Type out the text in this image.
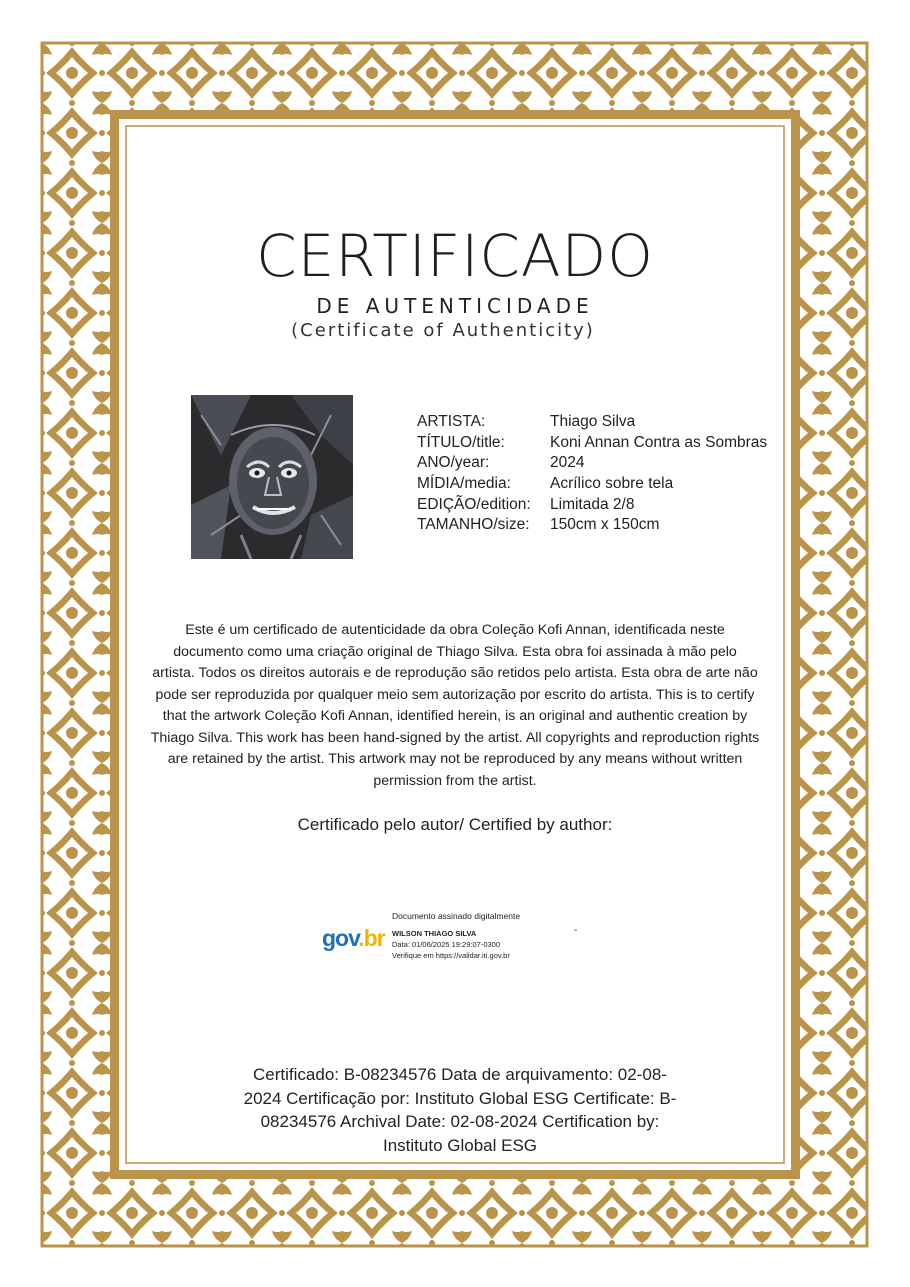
CERTIFICADO
DE AUTENTICIDADE
(Certificate of Authenticity)
ARTISTA:	Thiago Silva
TÍTULO/title:	Koni Annan Contra as Sombras
ANO/year:	2024
MÍDIA/media:	Acrílico sobre tela
EDIÇÃO/edition:	Limitada 2/8
TAMANHO/size:	150cm x 150cm
Este é um certificado de autenticidade da obra Coleção Kofi Annan, identificada neste documento como uma criação original de Thiago Silva. Esta obra foi assinada à mão pelo artista. Todos os direitos autorais e de reprodução são retidos pelo artista. Esta obra de arte não pode ser reproduzida por qualquer meio sem autorização por escrito do artista. This is to certify that the artwork Coleção Kofi Annan, identified herein, is an original and authentic creation by Thiago Silva. This work has been hand-signed by the artist. All copyrights and reproduction rights are retained by the artist. This artwork may not be reproduced by any means without written permission from the artist.
Certificado pelo autor/ Certified by author:
gov.br
Documento assinado digitalmente
WILSON THIAGO SILVA
Data: 01/06/2025 19:29:07-0300
Verifique em https://validar.iti.gov.br
-
Certificado: B-08234576 Data de arquivamento: 02-08-2024 Certificação por: Instituto Global ESG Certificate: B-08234576 Archival Date: 02-08-2024 Certification by: Instituto Global ESG
